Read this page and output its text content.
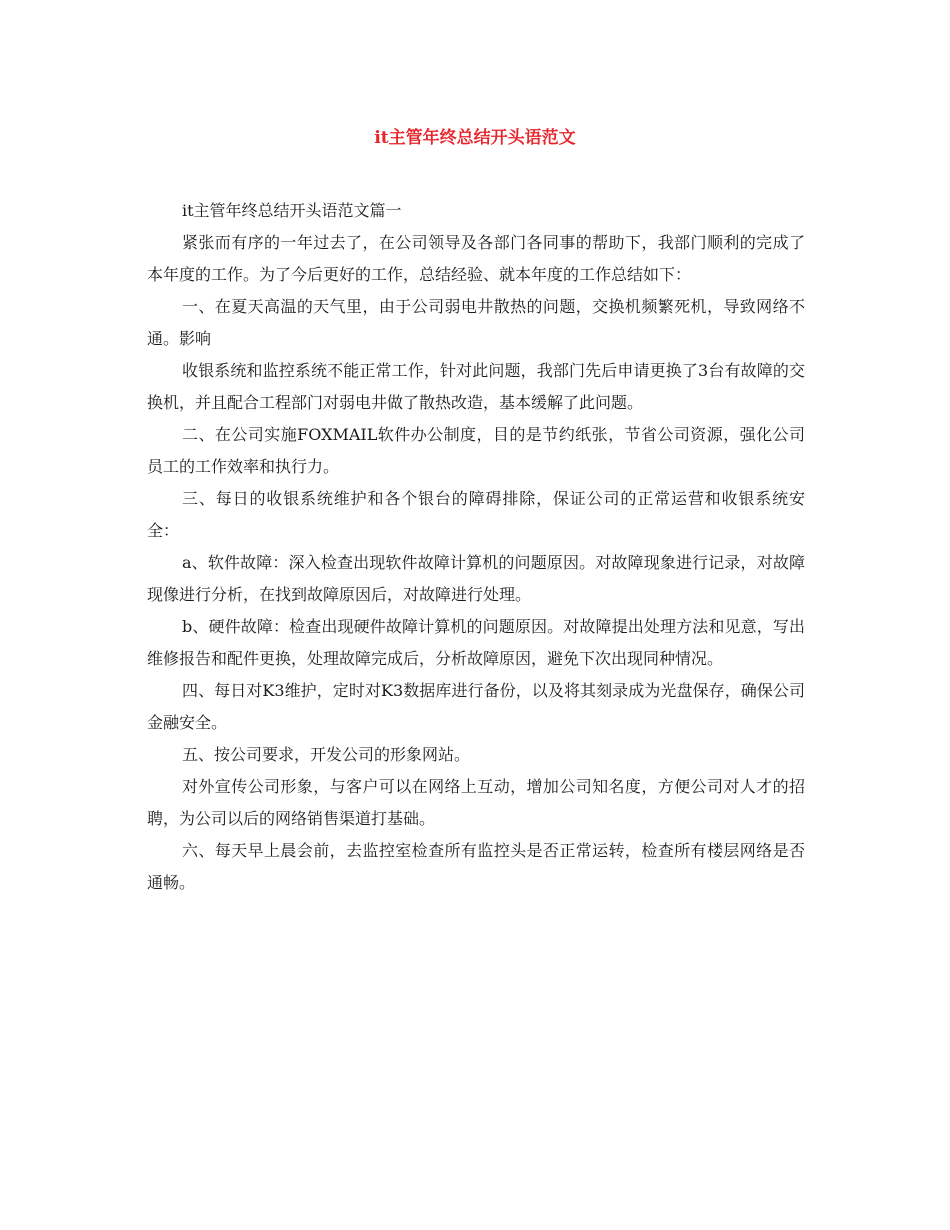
it主管年终总结开头语范文

it主管年终总结开头语范文篇一

紧张而有序的一年过去了，在公司领导及各部门各同事的帮助下，我部门顺利的完成了本年度的工作。为了今后更好的工作，总结经验、就本年度的工作总结如下：

一、在夏天高温的天气里，由于公司弱电井散热的问题，交换机频繁死机，导致网络不通。影响

收银系统和监控系统不能正常工作，针对此问题，我部门先后申请更换了3台有故障的交换机，并且配合工程部门对弱电井做了散热改造，基本缓解了此问题。

二、在公司实施FOXMAIL软件办公制度，目的是节约纸张，节省公司资源，强化公司员工的工作效率和执行力。

三、每日的收银系统维护和各个银台的障碍排除，保证公司的正常运营和收银系统安全：

a、软件故障：深入检查出现软件故障计算机的问题原因。对故障现象进行记录，对故障现像进行分析，在找到故障原因后，对故障进行处理。

b、硬件故障：检查出现硬件故障计算机的问题原因。对故障提出处理方法和见意，写出维修报告和配件更换，处理故障完成后，分析故障原因，避免下次出现同种情况。

四、每日对K3维护，定时对K3数据库进行备份，以及将其刻录成为光盘保存，确保公司金融安全。

五、按公司要求，开发公司的形象网站。

对外宣传公司形象，与客户可以在网络上互动，增加公司知名度，方便公司对人才的招聘，为公司以后的网络销售渠道打基础。

六、每天早上晨会前，去监控室检查所有监控头是否正常运转，检查所有楼层网络是否通畅。
